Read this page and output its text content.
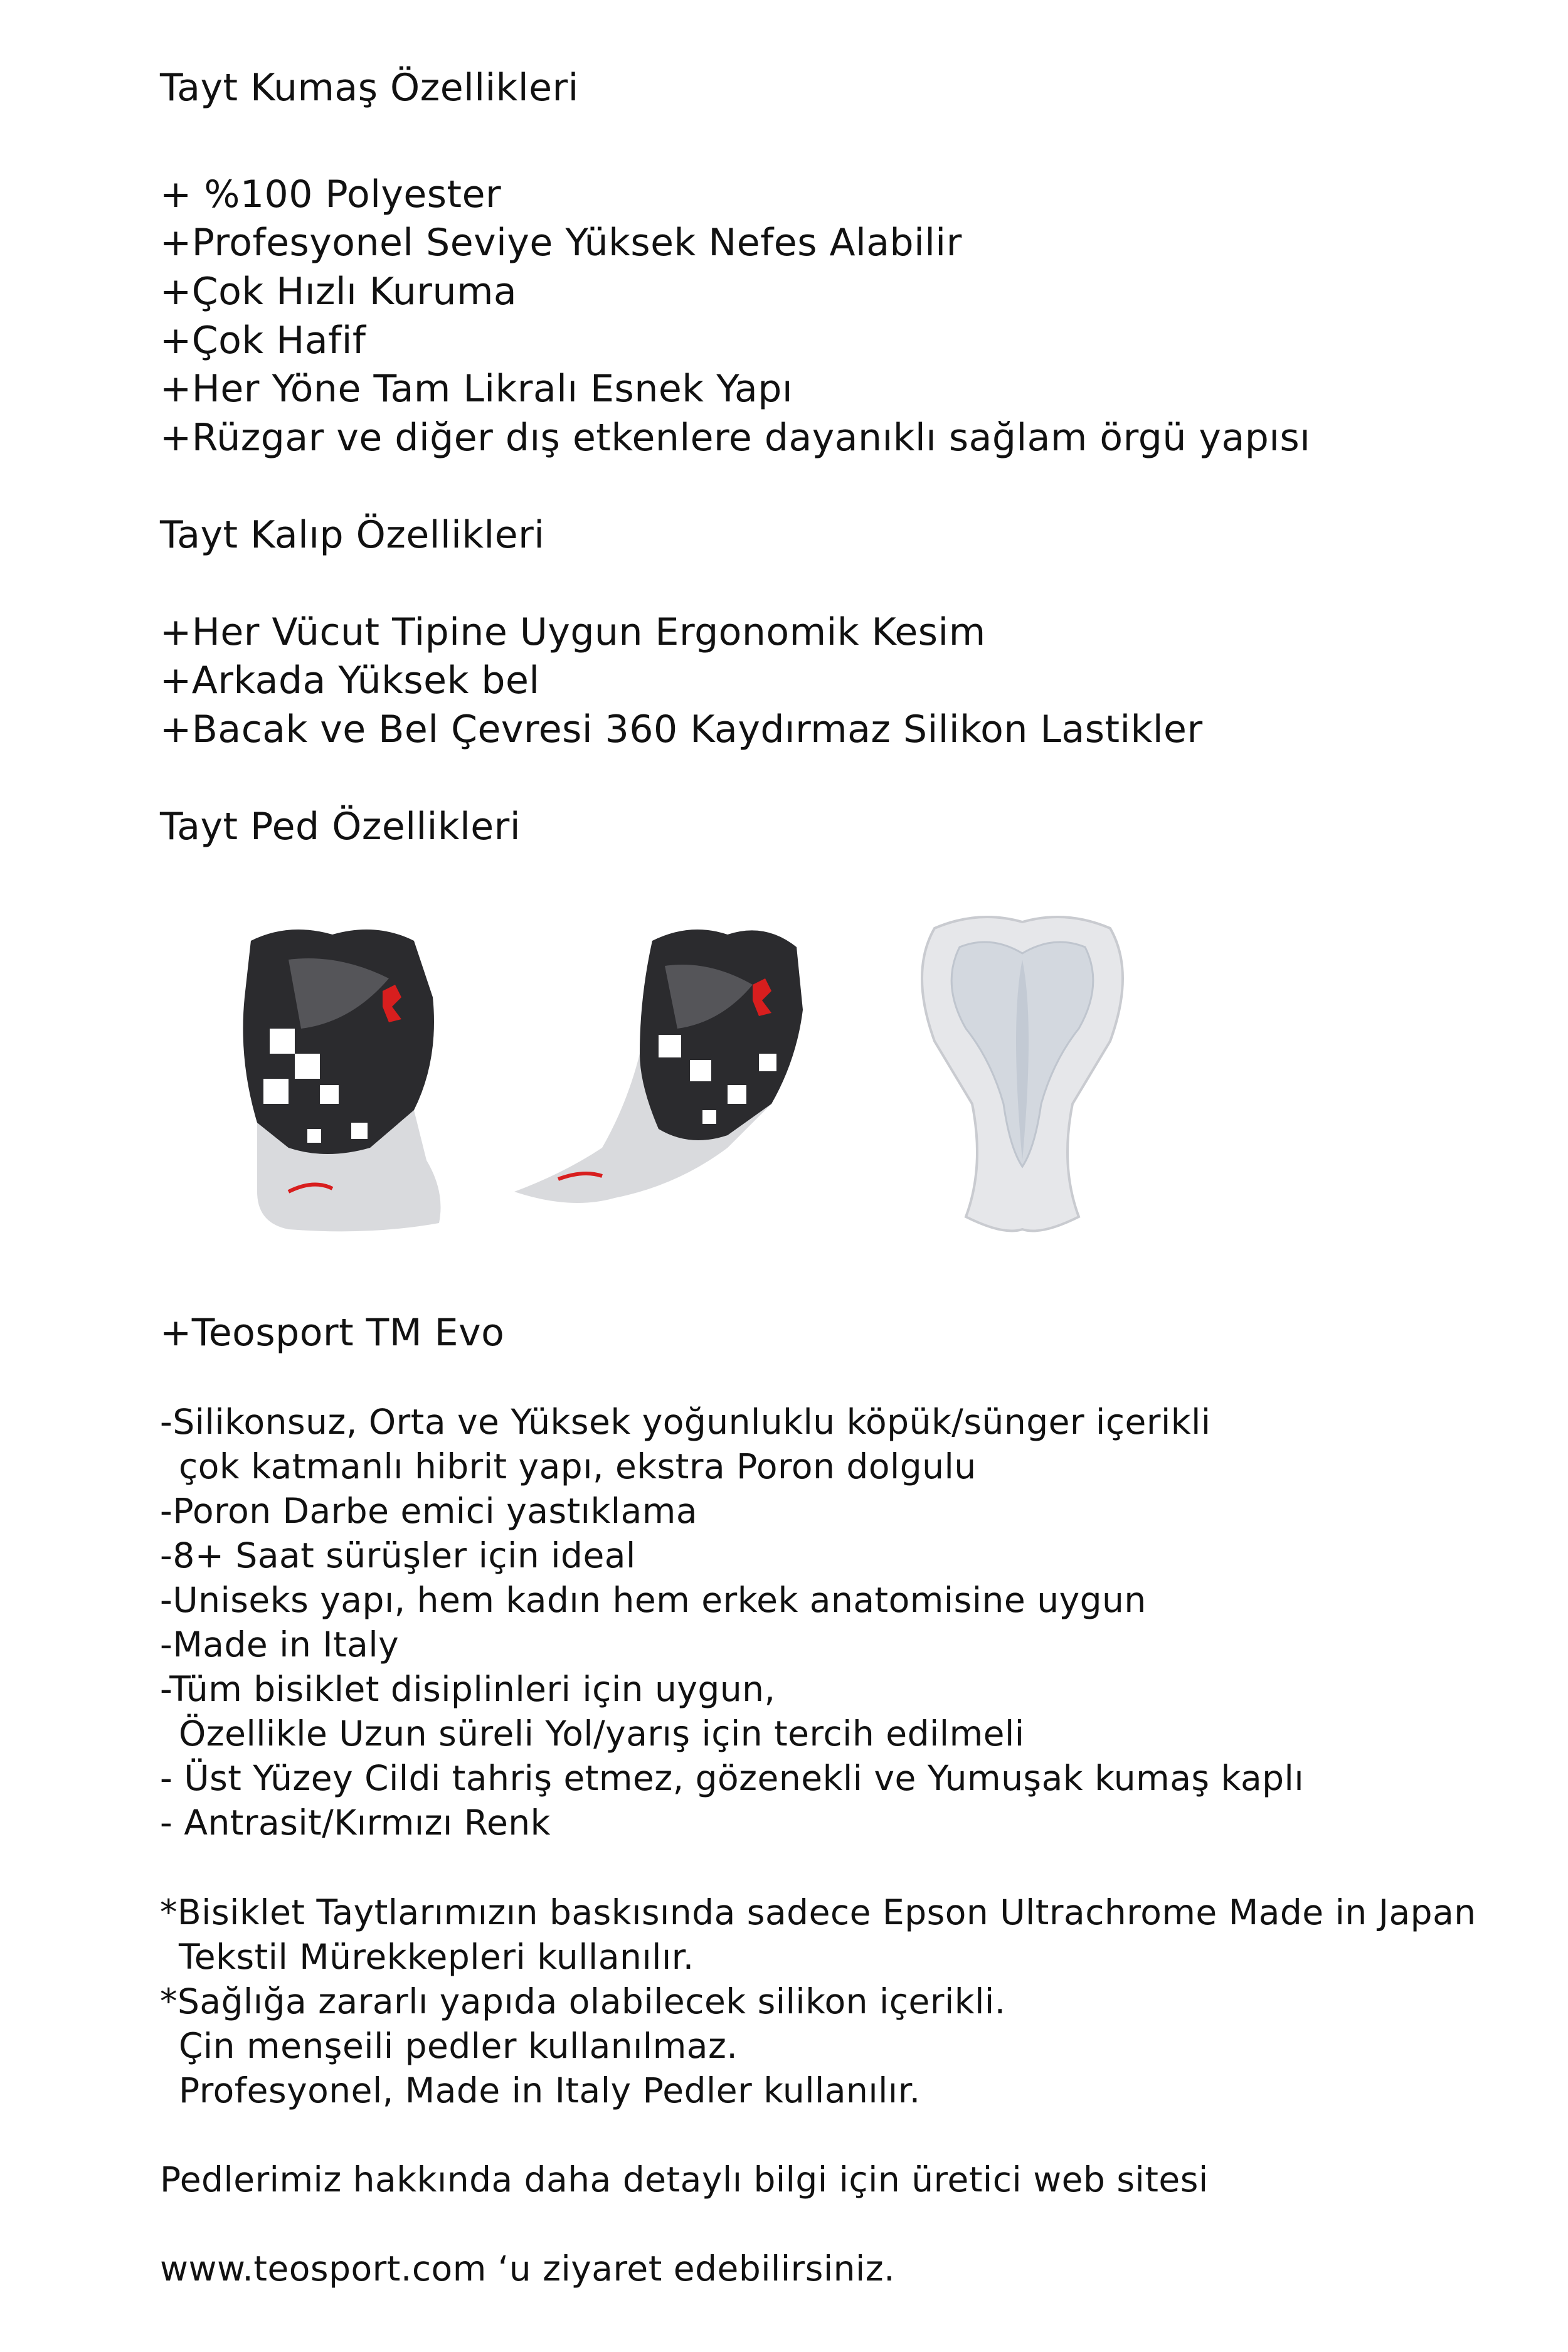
Tayt Kumaş Özellikleri
+ %100 Polyester
+Profesyonel Seviye Yüksek Nefes Alabilir
+Çok Hızlı Kuruma
+Çok Hafif
+Her Yöne Tam Likralı Esnek Yapı
+Rüzgar ve diğer dış etkenlere dayanıklı sağlam örgü yapısı
Tayt Kalıp Özellikleri
+Her Vücut Tipine Uygun Ergonomik Kesim
+Arkada Yüksek bel
+Bacak ve Bel Çevresi 360 Kaydırmaz Silikon Lastikler
Tayt Ped Özellikleri
+Teosport TM Evo
-Silikonsuz, Orta ve Yüksek yoğunluklu köpük/sünger içerikli
çok katmanlı hibrit yapı, ekstra Poron dolgulu
-Poron Darbe emici yastıklama
-8+ Saat sürüşler için ideal
-Uniseks yapı, hem kadın hem erkek anatomisine uygun
-Made in Italy
-Tüm bisiklet disiplinleri için uygun,
Özellikle Uzun süreli Yol/yarış için tercih edilmeli
- Üst Yüzey Cildi tahriş etmez, gözenekli ve Yumuşak kumaş kaplı
- Antrasit/Kırmızı Renk
*Bisiklet Taytlarımızın baskısında sadece Epson Ultrachrome Made in Japan
Tekstil Mürekkepleri kullanılır.
*Sağlığa zararlı yapıda olabilecek silikon içerikli.
Çin menşeili pedler kullanılmaz.
Profesyonel, Made in Italy Pedler kullanılır.
Pedlerimiz hakkında daha detaylı bilgi için üretici web sitesi
www.teosport.com ‘u ziyaret edebilirsiniz.
